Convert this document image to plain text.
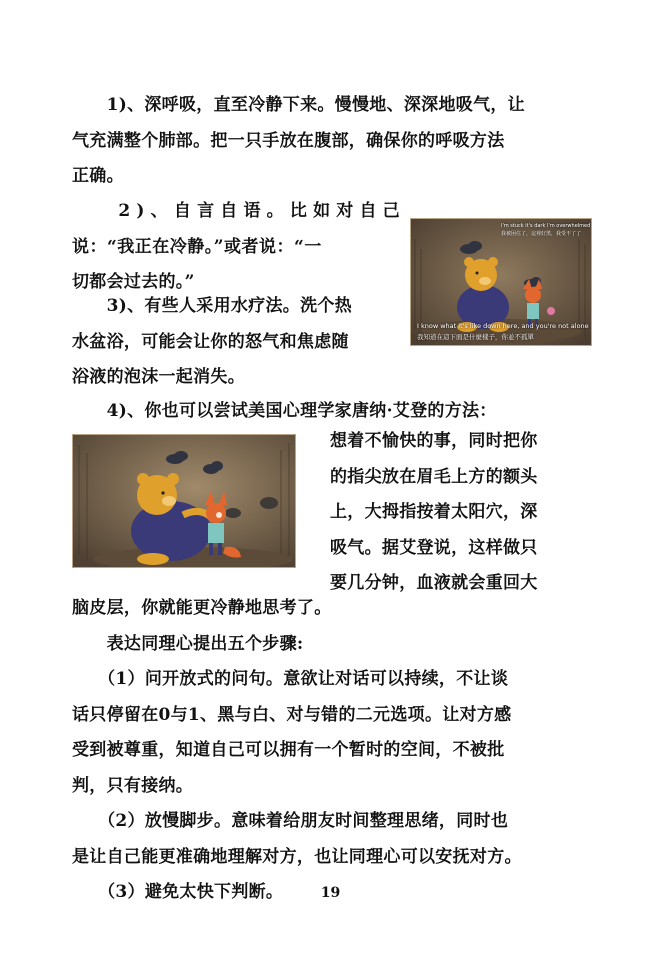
　　1)、深呼吸，直至冷静下来。慢慢地、深深地吸气，让
气充满整个肺部。把一只手放在腹部，确保你的呼吸方法
正确。
　　2)、自言自语。比如对自己
说：“我正在冷静。”或者说：“一
切都会过去的。”
　　3)、有些人采用水疗法。洗个热
水盆浴，可能会让你的怒气和焦虑随
浴液的泡沫一起消失。
　　4)、你也可以尝试美国心理学家唐纳·艾登的方法：
想着不愉快的事，同时把你
的指尖放在眉毛上方的额头
上，大拇指按着太阳穴，深
吸气。据艾登说，这样做只
要几分钟，血液就会重回大
脑皮层，你就能更冷静地思考了。
　　表达同理心提出五个步骤:
　　（1）问开放式的问句。意欲让对话可以持续，不让谈
话只停留在0与1、黑与白、对与错的二元选项。让对方感
受到被尊重，知道自己可以拥有一个暂时的空间，不被批
判，只有接纳。
　　（2）放慢脚步。意味着给朋友时间整理思绪，同时也
是让自己能更准确地理解对方，也让同理心可以安抚对方。
　　（3）避免太快下判断。
I'm stuck it's dark I'm overwhelmed
我被困住了，這裡好黑，我受不了了
I know what it's like down here, and you're not alone
我知道在這下面是什麼樣子，你並不孤單
19
